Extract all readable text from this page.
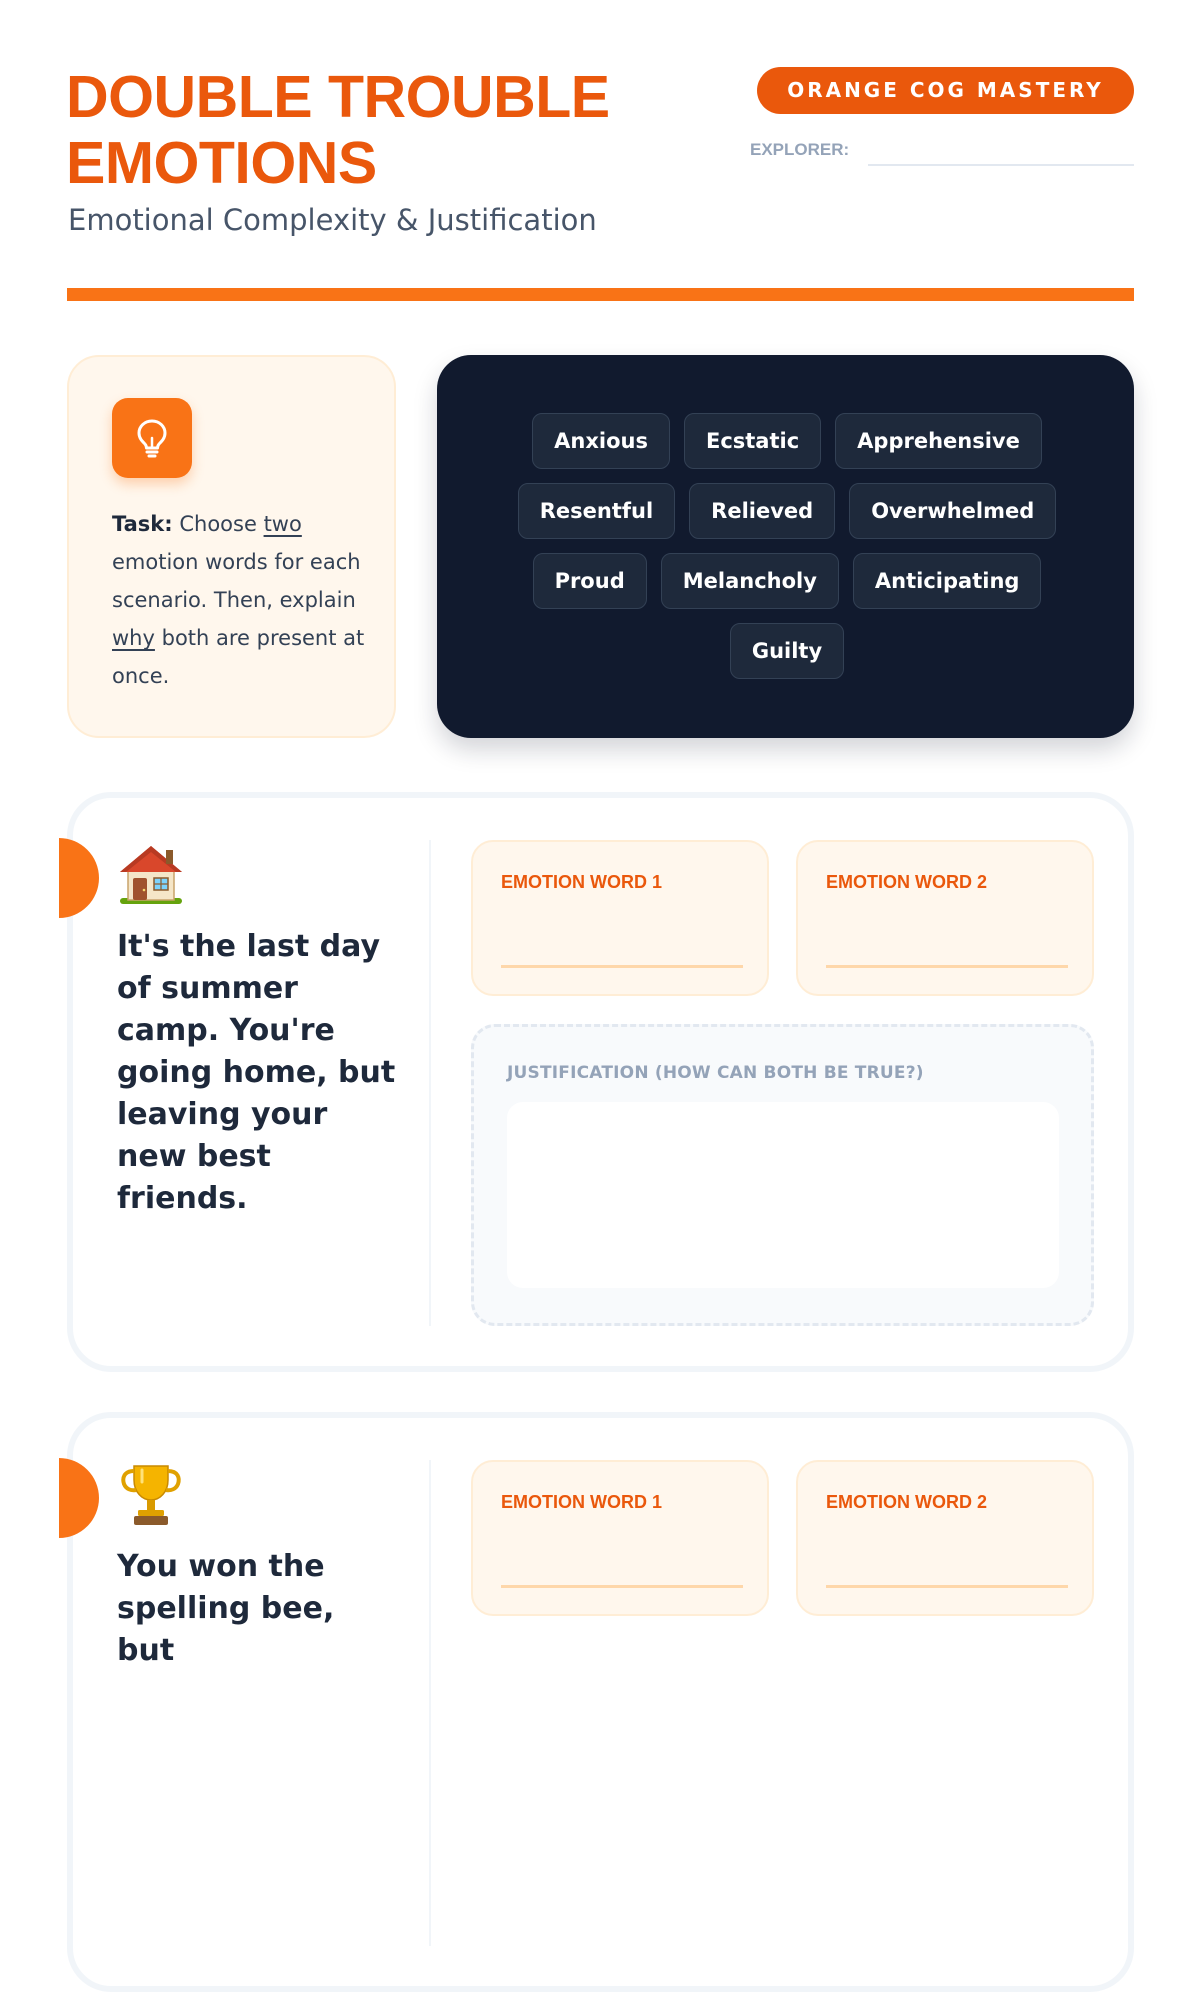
DOUBLE TROUBLE EMOTIONS
Emotional Complexity & Justification
ORANGE COG MASTERY
EXPLORER:

Task: Choose two emotion words for each scenario. Then, explain why both are present at once.

Anxious	Ecstatic	Apprehensive
Resentful	Relieved	Overwhelmed
Proud	Melancholy	Anticipating
Guilty

It's the last day of summer camp. You're going home, but leaving your new best friends.

EMOTION WORD 1	EMOTION WORD 2
JUSTIFICATION (HOW CAN BOTH BE TRUE?)

You won the spelling bee, but

EMOTION WORD 1	EMOTION WORD 2
